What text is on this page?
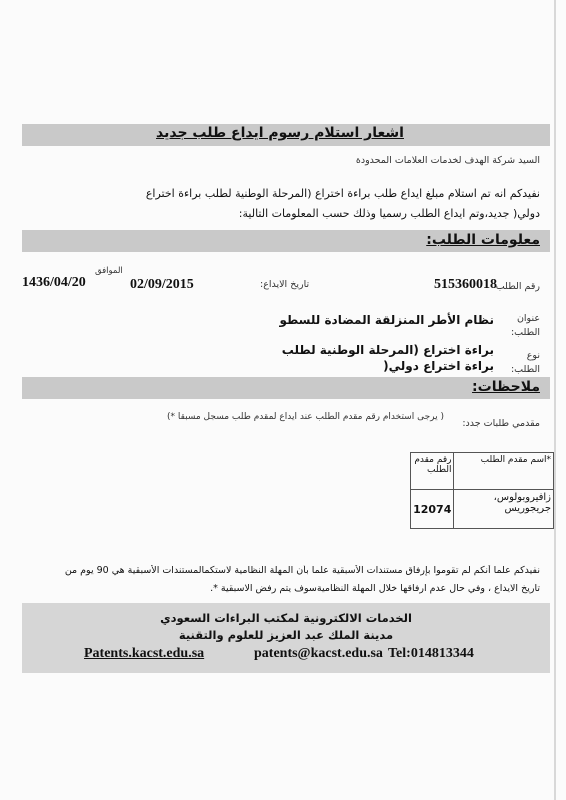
اشعار استلام رسوم ايداع طلب جديد
السيد شركة الهدف لخدمات العلامات المحدودة
نفيدكم انه تم استلام مبلغ ايداع طلب براءة اختراع (المرحلة الوطنية لطلب براءة اختراع
دولي( جديد،وتم ايداع الطلب رسميا وذلك حسب المعلومات التالية:
معلومات الطلب:
رقم الطلب
515360018
تاريخ الايداع:
02/09/2015
الموافق
1436/04/20
عنوان الطلب:
نظام الأطر المنزلقة المضادة للسطو
نوع الطلب:
براءة اختراع (المرحلة الوطنية لطلب
براءة اختراع دولي(
ملاحظات:
مقدمي طلبات جدد:
( يرجى استخدام رقم مقدم الطلب عند ايداع لمقدم طلب مسجل مسبقا *)
رقم مقدم الطلب	*اسم مقدم الطلب
12074	زافيروبولوس، جريجوريس
نفيدكم علما أنكم لم تقوموا بإرفاق مستندات الأسبقية علما بأن المهلة النظامية لاستكمالمستندات الأسبقية هي 90 يوم من
تاريخ الايداع ، وفي حال عدم ارفاقها خلال المهلة النظاميةسوف يتم رفض الاسبقية *.
الخدمات الالكترونية لمكتب البراءات السعودي
مدينة الملك عبد العزيز للعلوم والتقنية
Patents.kacst.edu.sa	patents@kacst.edu.sa Tel:014813344
